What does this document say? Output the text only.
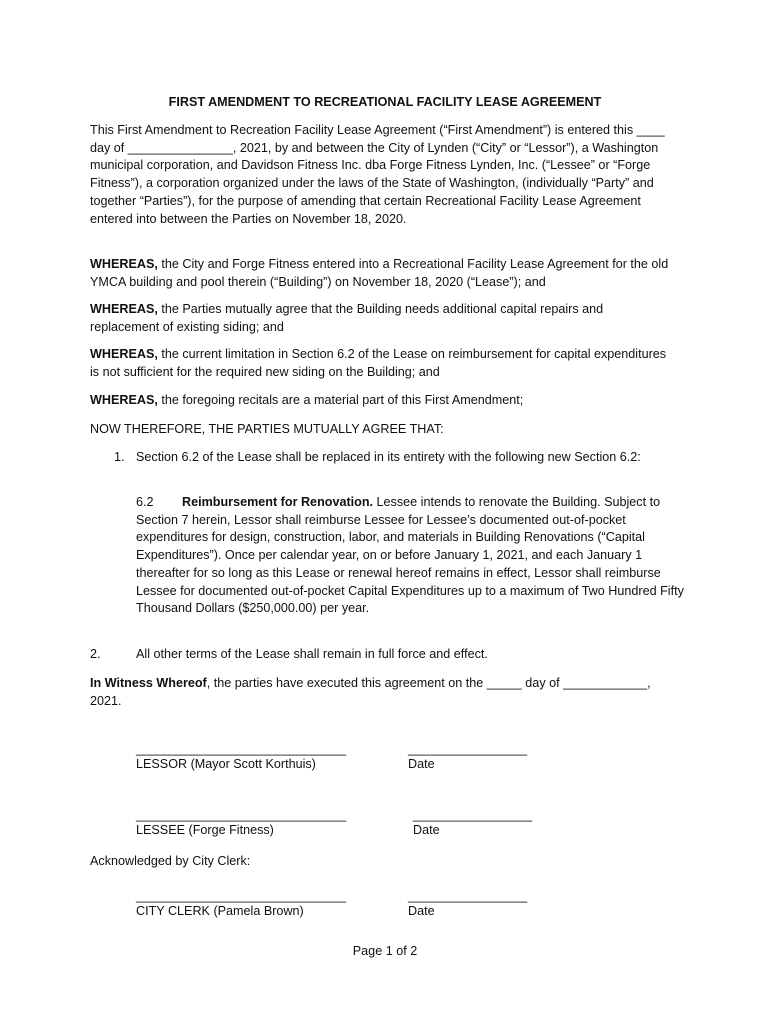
FIRST AMENDMENT TO RECREATIONAL FACILITY LEASE AGREEMENT
This First Amendment to Recreation Facility Lease Agreement (“First Amendment”) is entered this ____ day of _______________, 2021, by and between the City of Lynden (“City” or “Lessor”), a Washington municipal corporation, and Davidson Fitness Inc. dba Forge Fitness Lynden, Inc. (“Lessee” or “Forge Fitness”), a corporation organized under the laws of the State of Washington, (individually “Party” and together “Parties”), for the purpose of amending that certain Recreational Facility Lease Agreement entered into between the Parties on November 18, 2020.
WHEREAS, the City and Forge Fitness entered into a Recreational Facility Lease Agreement for the old YMCA building and pool therein (“Building”) on November 18, 2020 (“Lease”); and
WHEREAS, the Parties mutually agree that the Building needs additional capital repairs and replacement of existing siding; and
WHEREAS, the current limitation in Section 6.2 of the Lease on reimbursement for capital expenditures is not sufficient for the required new siding on the Building; and
WHEREAS, the foregoing recitals are a material part of this First Amendment;
NOW THEREFORE, THE PARTIES MUTUALLY AGREE THAT:
1. Section 6.2 of the Lease shall be replaced in its entirety with the following new Section 6.2:
6.2 Reimbursement for Renovation. Lessee intends to renovate the Building. Subject to Section 7 herein, Lessor shall reimburse Lessee for Lessee’s documented out-of-pocket expenditures for design, construction, labor, and materials in Building Renovations (“Capital Expenditures”). Once per calendar year, on or before January 1, 2021, and each January 1 thereafter for so long as this Lease or renewal hereof remains in effect, Lessor shall reimburse Lessee for documented out-of-pocket Capital Expenditures up to a maximum of Two Hundred Fifty Thousand Dollars ($250,000.00) per year.
2.	All other terms of the Lease shall remain in full force and effect.
In Witness Whereof, the parties have executed this agreement on the _____ day of ____________, 2021.
______________________________
LESSOR (Mayor Scott Korthuis)
_________________
Date
______________________________
LESSEE (Forge Fitness)
_________________
Date
Acknowledged by City Clerk:
______________________________
CITY CLERK (Pamela Brown)
_________________
Date
Page 1 of 2
